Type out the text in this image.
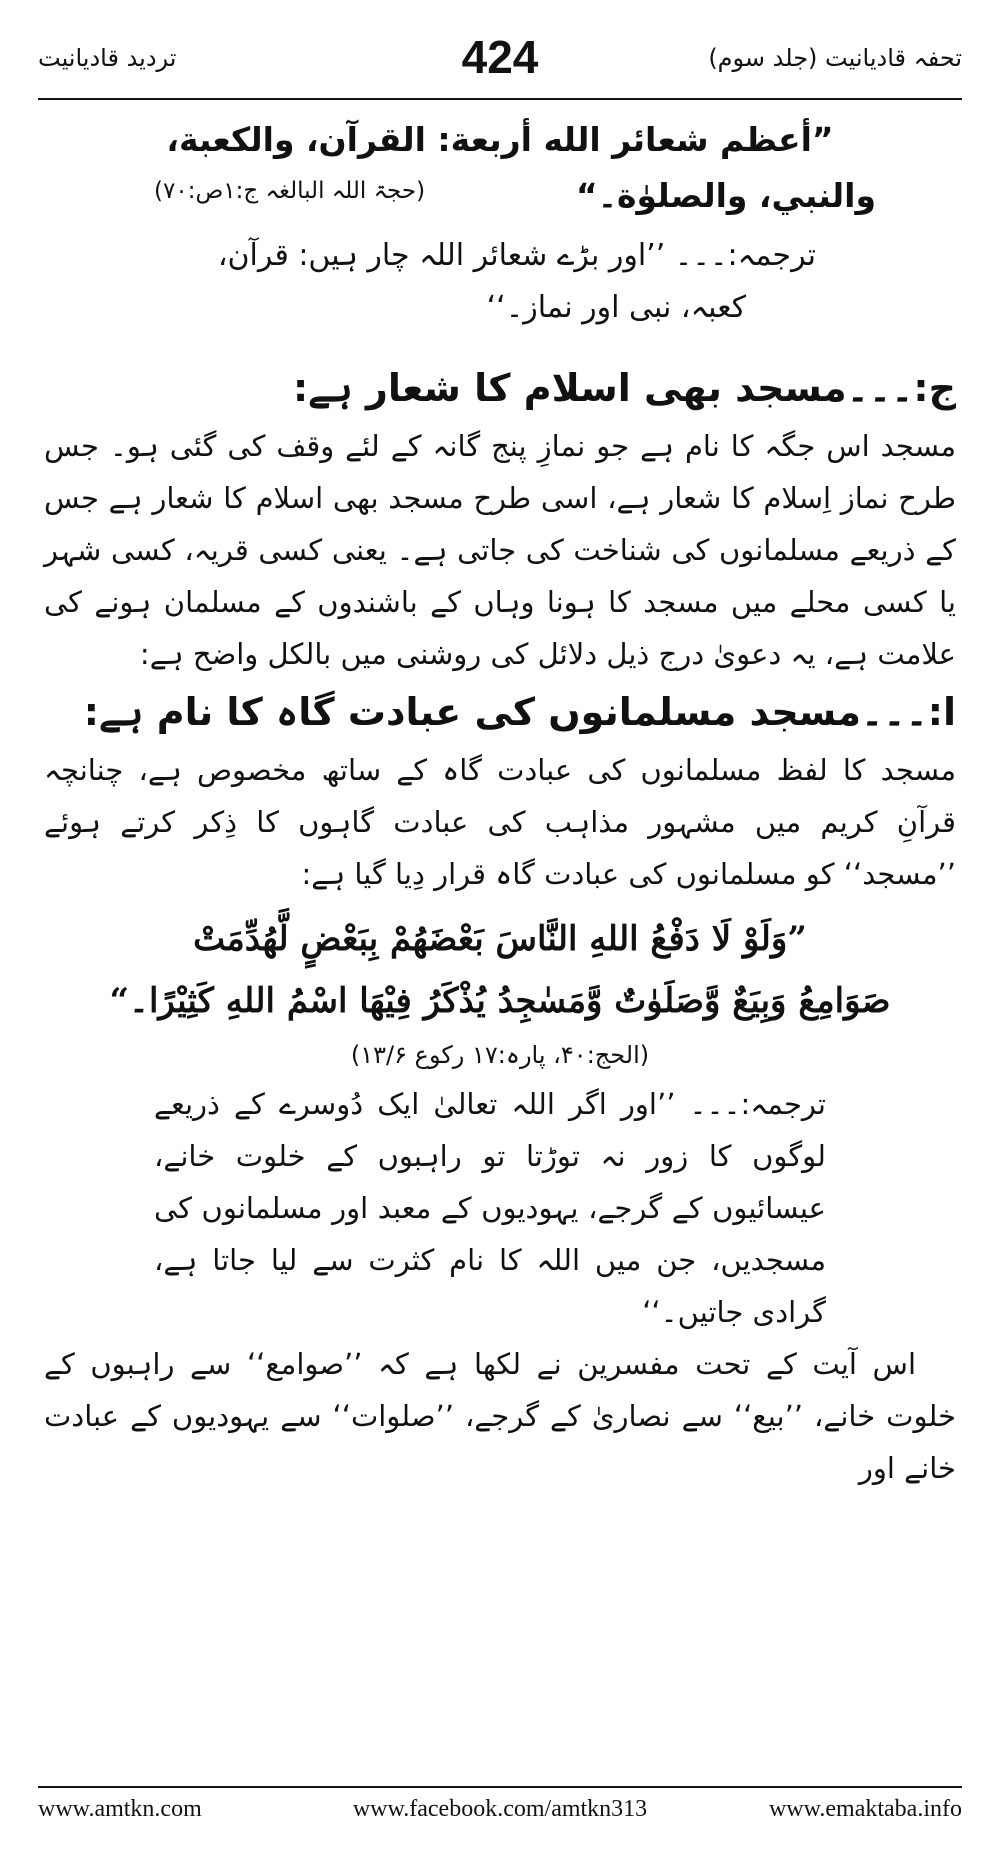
تردید قادیانیت	424	تحفہ قادیانیت (جلد سوم)
”أعظم شعائر الله أربعة: القرآن، والكعبة،
والنبي، والصلوٰة۔“
(حجۃ اللہ البالغہ ج:۱ص:۷۰)
ترجمہ:۔۔۔ ’’اور بڑے شعائر اللہ چار ہیں: قرآن،
کعبہ، نبی اور نماز۔‘‘
ج:۔۔۔مسجد بھی اسلام کا شعار ہے:
مسجد اس جگہ کا نام ہے جو نمازِ پنج گانہ کے لئے وقف کی گئی ہو۔ جس طرح نماز اِسلام کا شعار ہے، اسی طرح مسجد بھی اسلام کا شعار ہے جس کے ذریعے مسلمانوں کی شناخت کی جاتی ہے۔ یعنی کسی قریہ، کسی شہر یا کسی محلے میں مسجد کا ہونا وہاں کے باشندوں کے مسلمان ہونے کی علامت ہے، یہ دعویٰ درج ذیل دلائل کی روشنی میں بالکل واضح ہے:
ا:۔۔۔مسجد مسلمانوں کی عبادت گاہ کا نام ہے:
مسجد کا لفظ مسلمانوں کی عبادت گاہ کے ساتھ مخصوص ہے، چنانچہ قرآنِ کریم میں مشہور مذاہب کی عبادت گاہوں کا ذِکر کرتے ہوئے ’’مسجد‘‘ کو مسلمانوں کی عبادت گاہ قرار دِیا گیا ہے:
”وَلَوْ لَا دَفْعُ اللهِ النَّاسَ بَعْضَهُمْ بِبَعْضٍ لَّهُدِّمَتْ
صَوَامِعُ وَبِيَعٌ وَّصَلَوٰتٌ وَّمَسٰجِدُ يُذْكَرُ فِيْهَا اسْمُ اللهِ كَثِيْرًا۔“
(الحج:۴۰، پارہ:۱۷ رکوع ۱۳/۶)
ترجمہ:۔۔۔ ’’اور اگر اللہ تعالیٰ ایک دُوسرے کے ذریعے لوگوں کا زور نہ توڑتا تو راہبوں کے خلوت خانے، عیسائیوں کے گرجے، یہودیوں کے معبد اور مسلمانوں کی مسجدیں، جن میں اللہ کا نام کثرت سے لیا جاتا ہے، گرادی جاتیں۔‘‘
اس آیت کے تحت مفسرین نے لکھا ہے کہ ’’صوامع‘‘ سے راہبوں کے خلوت خانے، ’’بیع‘‘ سے نصاریٰ کے گرجے، ’’صلوات‘‘ سے یہودیوں کے عبادت خانے اور
www.amtkn.com	www.facebook.com/amtkn313	www.emaktaba.info
